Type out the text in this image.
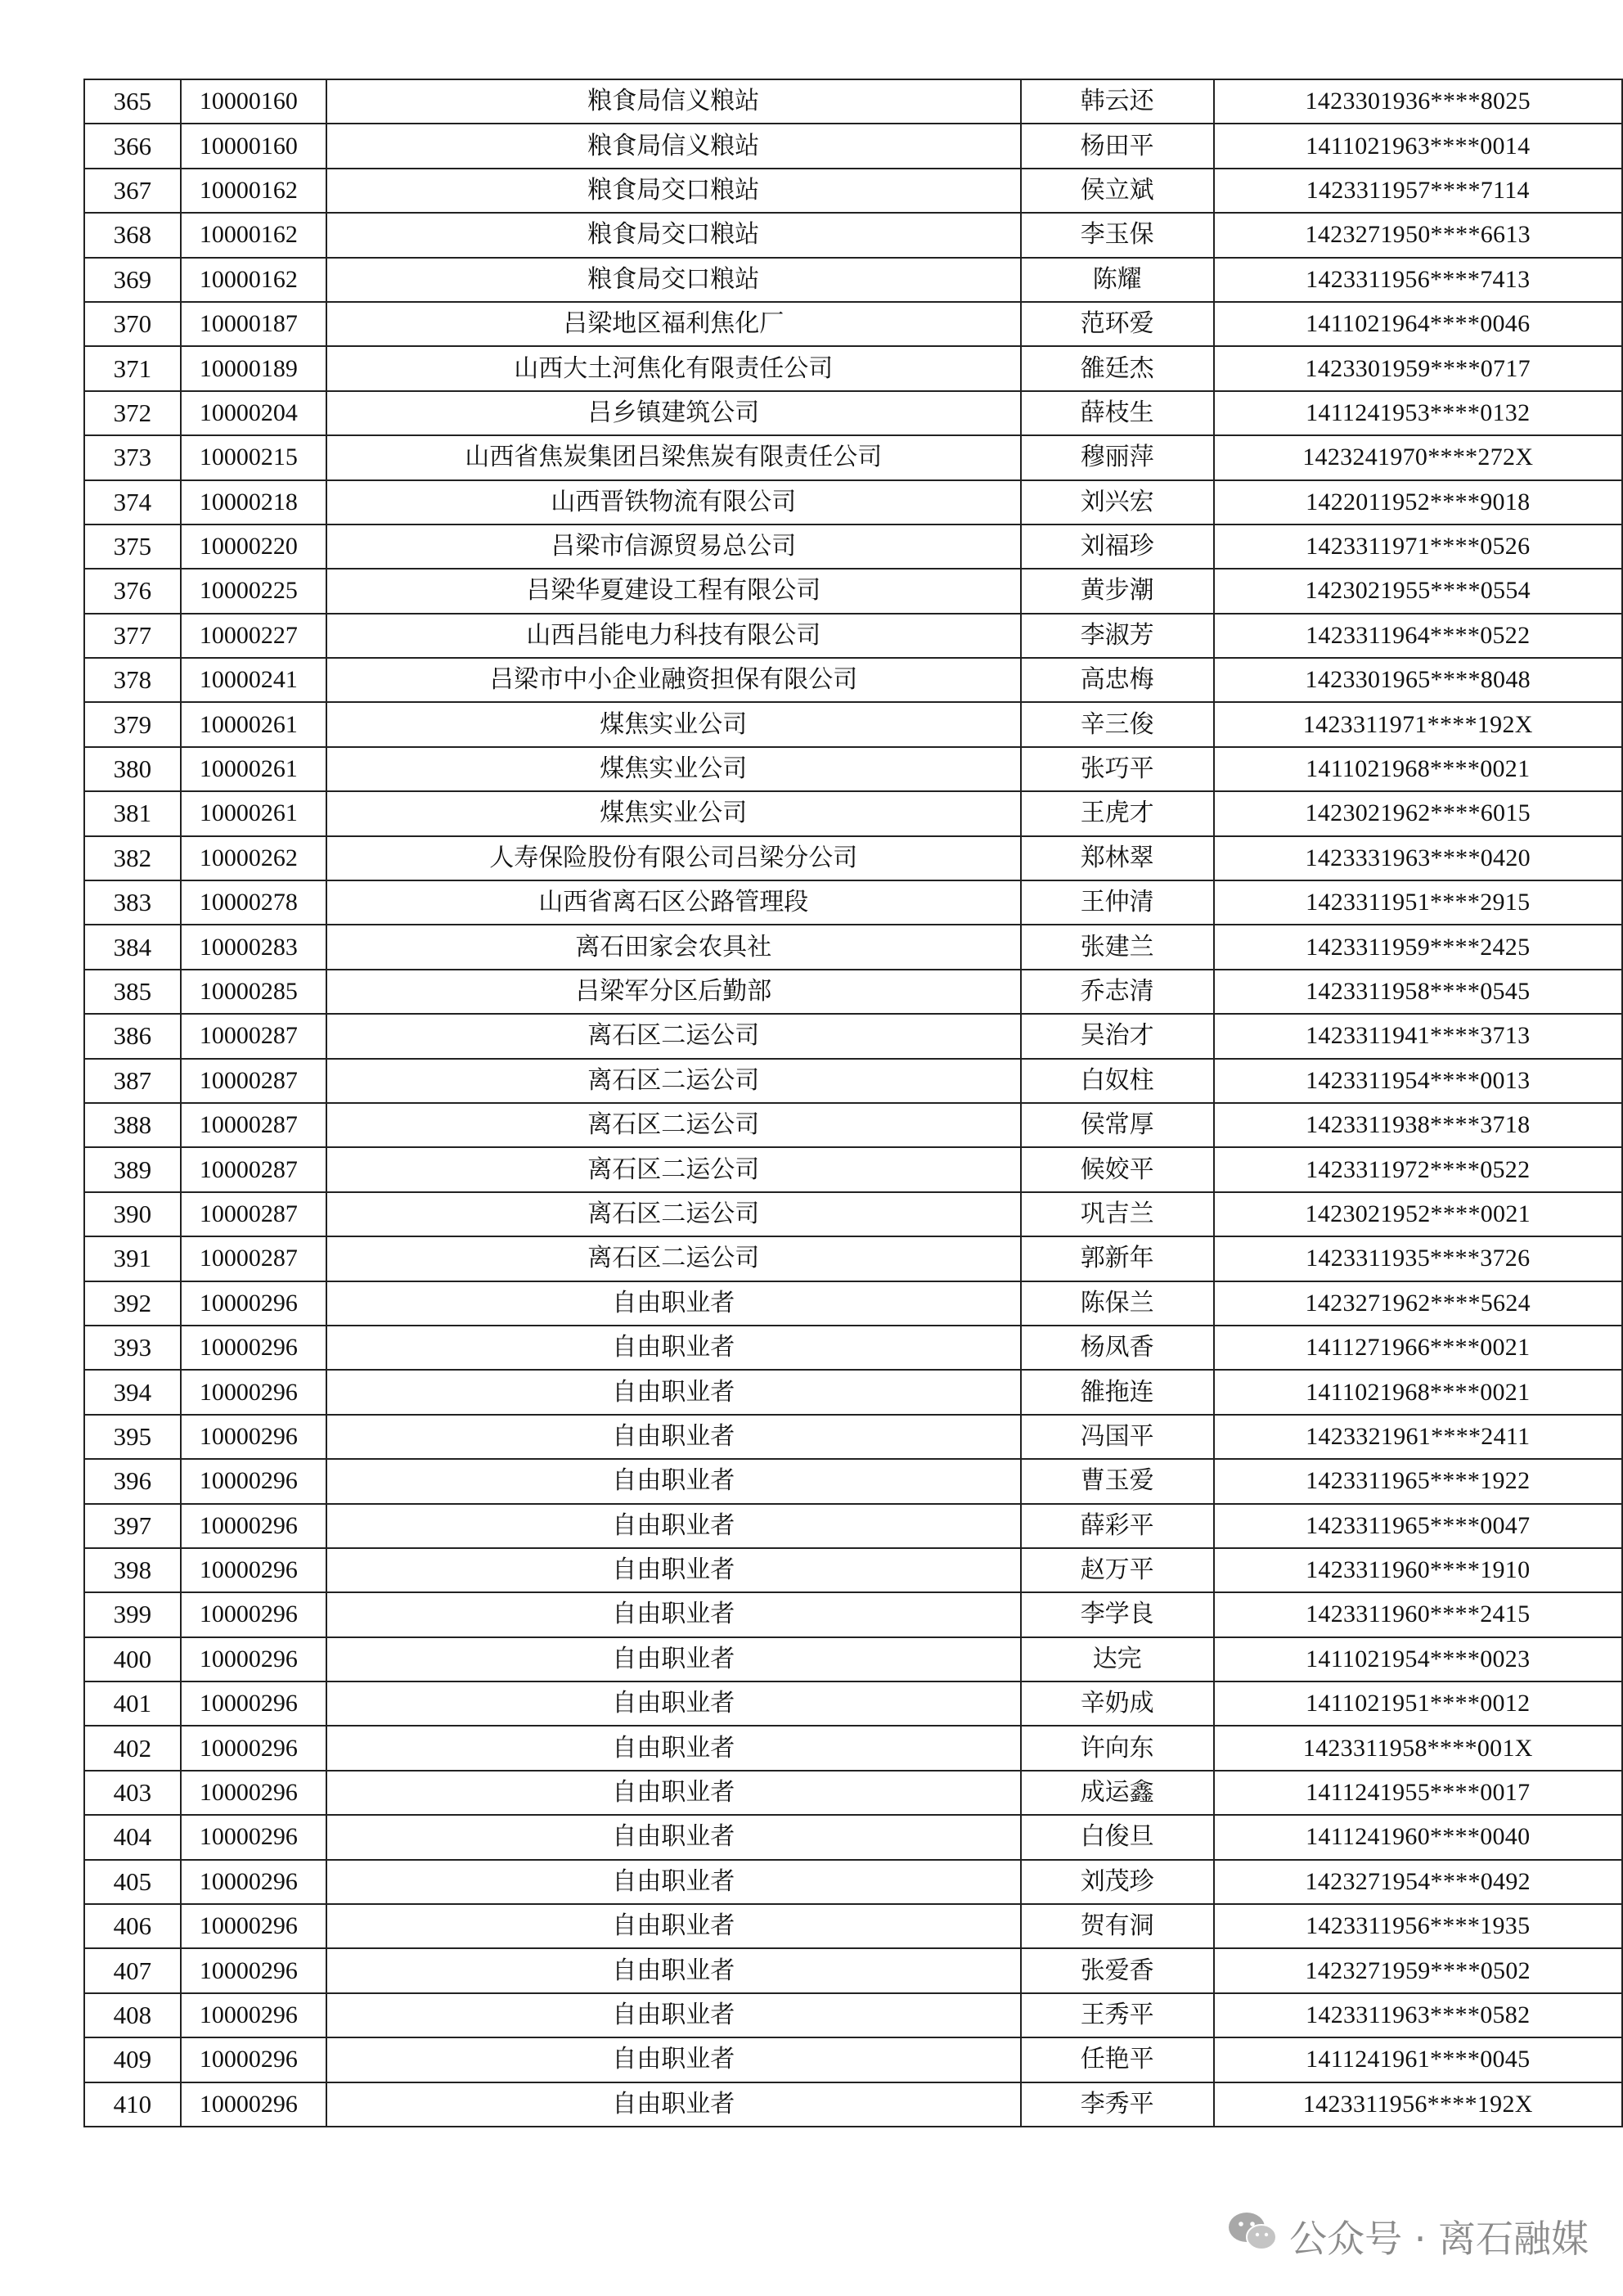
365	10000160	粮食局信义粮站	韩云还	1423301936****8025
366	10000160	粮食局信义粮站	杨田平	1411021963****0014
367	10000162	粮食局交口粮站	侯立斌	1423311957****7114
368	10000162	粮食局交口粮站	李玉保	1423271950****6613
369	10000162	粮食局交口粮站	陈耀	1423311956****7413
370	10000187	吕梁地区福利焦化厂	范环爱	1411021964****0046
371	10000189	山西大土河焦化有限责任公司	雒廷杰	1423301959****0717
372	10000204	吕乡镇建筑公司	薛枝生	1411241953****0132
373	10000215	山西省焦炭集团吕梁焦炭有限责任公司	穆丽萍	1423241970****272X
374	10000218	山西晋铁物流有限公司	刘兴宏	1422011952****9018
375	10000220	吕梁市信源贸易总公司	刘福珍	1423311971****0526
376	10000225	吕梁华夏建设工程有限公司	黄步潮	1423021955****0554
377	10000227	山西吕能电力科技有限公司	李淑芳	1423311964****0522
378	10000241	吕梁市中小企业融资担保有限公司	高忠梅	1423301965****8048
379	10000261	煤焦实业公司	辛三俊	1423311971****192X
380	10000261	煤焦实业公司	张巧平	1411021968****0021
381	10000261	煤焦实业公司	王虎才	1423021962****6015
382	10000262	人寿保险股份有限公司吕梁分公司	郑林翠	1423331963****0420
383	10000278	山西省离石区公路管理段	王仲清	1423311951****2915
384	10000283	离石田家会农具社	张建兰	1423311959****2425
385	10000285	吕梁军分区后勤部	乔志清	1423311958****0545
386	10000287	离石区二运公司	吴治才	1423311941****3713
387	10000287	离石区二运公司	白奴柱	1423311954****0013
388	10000287	离石区二运公司	侯常厚	1423311938****3718
389	10000287	离石区二运公司	候姣平	1423311972****0522
390	10000287	离石区二运公司	巩吉兰	1423021952****0021
391	10000287	离石区二运公司	郭新年	1423311935****3726
392	10000296	自由职业者	陈保兰	1423271962****5624
393	10000296	自由职业者	杨凤香	1411271966****0021
394	10000296	自由职业者	雒拖连	1411021968****0021
395	10000296	自由职业者	冯国平	1423321961****2411
396	10000296	自由职业者	曹玉爱	1423311965****1922
397	10000296	自由职业者	薛彩平	1423311965****0047
398	10000296	自由职业者	赵万平	1423311960****1910
399	10000296	自由职业者	李学良	1423311960****2415
400	10000296	自由职业者	达完	1411021954****0023
401	10000296	自由职业者	辛奶成	1411021951****0012
402	10000296	自由职业者	许向东	1423311958****001X
403	10000296	自由职业者	成运鑫	1411241955****0017
404	10000296	自由职业者	白俊旦	1411241960****0040
405	10000296	自由职业者	刘茂珍	1423271954****0492
406	10000296	自由职业者	贺有洞	1423311956****1935
407	10000296	自由职业者	张爱香	1423271959****0502
408	10000296	自由职业者	王秀平	1423311963****0582
409	10000296	自由职业者	任艳平	1411241961****0045
410	10000296	自由职业者	李秀平	1423311956****192X
公众号 · 离石融媒
